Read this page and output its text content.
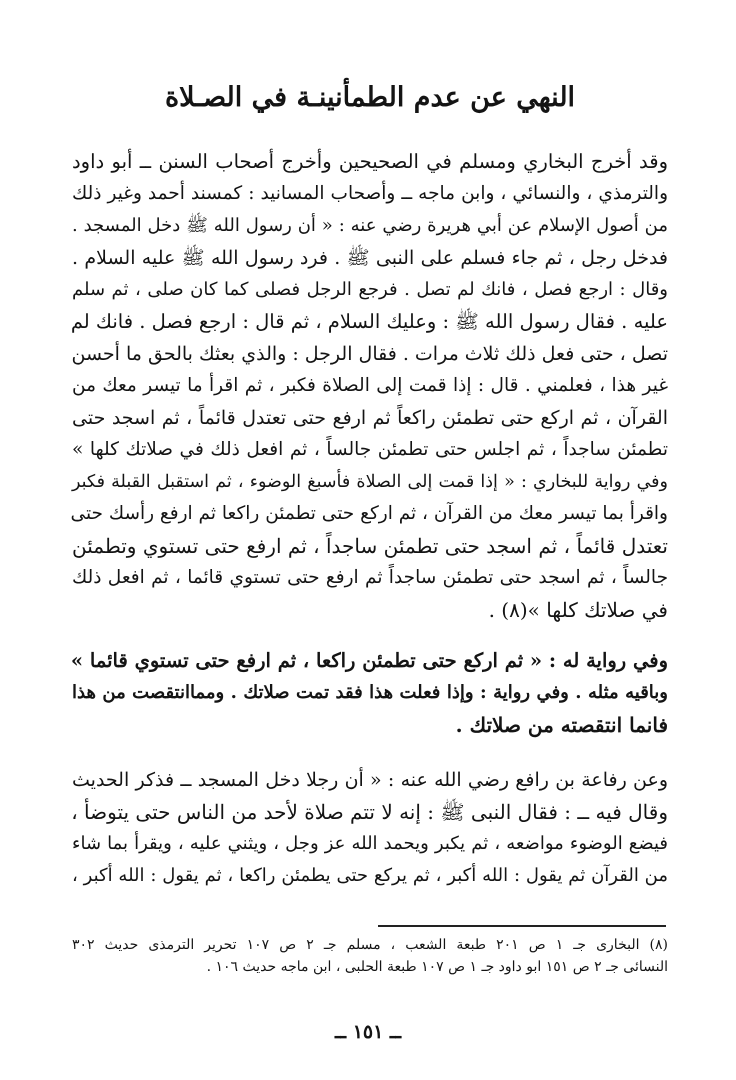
النهي عن عدم الطمأنينـة في الصـلاة
وقد أخرج البخاري ومسلم في الصحيحين وأخرج أصحاب السنن ــ أبو داود
والترمذي ، والنسائي ، وابن ماجه ــ وأصحاب المسانيد : كمسند أحمد وغير ذلك
من أصول الإسلام عن أبي هريرة رضي عنه : « أن رسول الله ﷺ دخل المسجد .
فدخل رجل ، ثم جاء فسلم على النبى ﷺ . فرد رسول الله ﷺ عليه السلام .
وقال : ارجع فصل ، فانك لم تصل . فرجع الرجل فصلى كما كان صلى ، ثم سلم
عليه . فقال رسول الله ﷺ : وعليك السلام ، ثم قال : ارجع فصل . فانك لم
تصل ، حتى فعل ذلك ثلاث مرات . فقال الرجل : والذي بعثك بالحق ما أحسن
غير هذا ، فعلمني . قال : إذا قمت إلى الصلاة فكبر ، ثم اقرأ ما تيسر معك من
القرآن ، ثم اركع حتى تطمئن راكعاً ثم ارفع حتى تعتدل قائماً ، ثم اسجد حتى
تطمئن ساجداً ، ثم اجلس حتى تطمئن جالساً ، ثم افعل ذلك في صلاتك كلها »
وفي رواية للبخاري : « إذا قمت إلى الصلاة فأسبغ الوضوء ، ثم استقبل القبلة فكبر
واقرأ بما تيسر معك من القرآن ، ثم اركع حتى تطمئن راكعا ثم ارفع رأسك حتى
تعتدل قائماً ، ثم اسجد حتى تطمئن ساجداً ، ثم ارفع حتى تستوي وتطمئن
جالساً ، ثم اسجد حتى تطمئن ساجداً ثم ارفع حتى تستوي قائما ، ثم افعل ذلك
في صلاتك كلها »(٨) .
وفي رواية له : « ثم اركع حتى تطمئن راكعا ، ثم ارفع حتى تستوي قائما »
وباقيه مثله . وفي رواية : وإذا فعلت هذا فقد تمت صلاتك . ومماانتقصت من هذا
فانما انتقصته من صلاتك .
وعن رفاعة بن رافع رضي الله عنه : « أن رجلا دخل المسجد ــ فذكر الحديث
وقال فيه ــ : فقال النبى ﷺ : إنه لا تتم صلاة لأحد من الناس حتى يتوضأ ،
فيضع الوضوء مواضعه ، ثم يكبر ويحمد الله عز وجل ، ويثني عليه ، ويقرأ بما شاء
من القرآن ثم يقول : الله أكبر ، ثم يركع حتى يطمئن راكعا ، ثم يقول : الله أكبر ،
(٨) البخارى جـ ١ ص ٢٠١ طبعة الشعب ، مسلم جـ ٢ ص ١٠٧ تحرير الترمذى حديث ٣٠٢
النسائى جـ ٢ ص ١٥١ ابو داود جـ ١ ص ١٠٧ طبعة الحلبى ، ابن ماجه حديث ١٠٦ .
ــ ١٥١ ــ
